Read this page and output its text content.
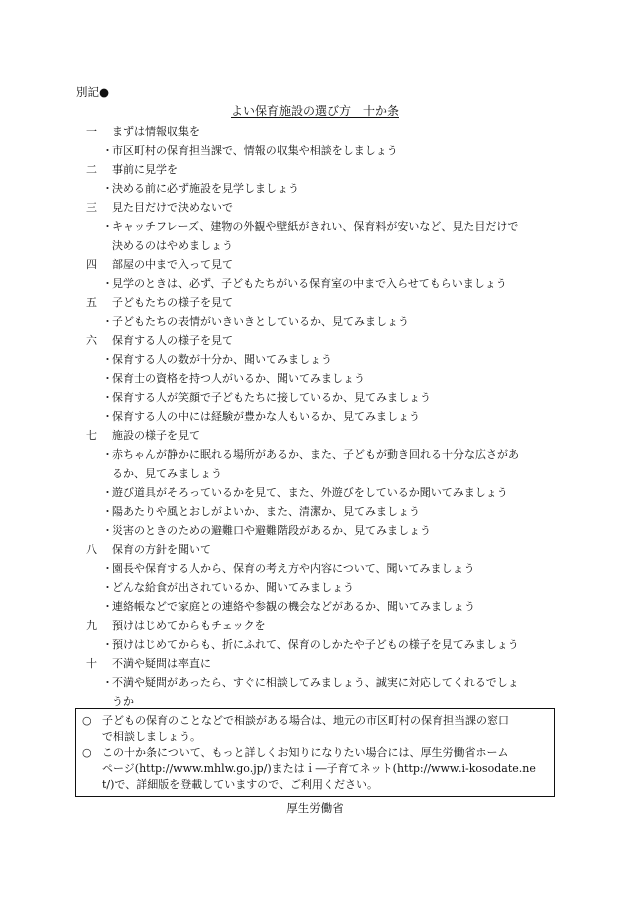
別記●
よい保育施設の選び方　十か条
一 まずは情報収集を
・ 市区町村の保育担当課で、情報の収集や相談をしましょう
二 事前に見学を
・ 決める前に必ず施設を見学しましょう
三 見た目だけで決めないで
・ キャッチフレーズ、建物の外観や壁紙がきれい、保育料が安いなど、見た目だけで
決めるのはやめましょう
四 部屋の中まで入って見て
・ 見学のときは、必ず、子どもたちがいる保育室の中まで入らせてもらいましょう
五 子どもたちの様子を見て
・ 子どもたちの表情がいきいきとしているか、見てみましょう
六 保育する人の様子を見て
・ 保育する人の数が十分か、聞いてみましょう
・ 保育士の資格を持つ人がいるか、聞いてみましょう
・ 保育する人が笑顔で子どもたちに接しているか、見てみましょう
・ 保育する人の中には経験が豊かな人もいるか、見てみましょう
七 施設の様子を見て
・ 赤ちゃんが静かに眠れる場所があるか、また、子どもが動き回れる十分な広さがあ
るか、見てみましょう
・ 遊び道具がそろっているかを見て、また、外遊びをしているか聞いてみましょう
・ 陽あたりや風とおしがよいか、また、清潔か、見てみましょう
・ 災害のときのための避難口や避難階段があるか、見てみましょう
八 保育の方針を聞いて
・ 園長や保育する人から、保育の考え方や内容について、聞いてみましょう
・ どんな給食が出されているか、聞いてみましょう
・ 連絡帳などで家庭との連絡や参観の機会などがあるか、聞いてみましょう
九 預けはじめてからもチェックを
・ 預けはじめてからも、折にふれて、保育のしかたや子どもの様子を見てみましょう
十 不満や疑問は率直に
・ 不満や疑問があったら、すぐに相談してみましょう、誠実に対応してくれるでしょ
うか
○ 子どもの保育のことなどで相談がある場合は、地元の市区町村の保育担当課の窓口
で相談しましょう。
○ この十か条について、もっと詳しくお知りになりたい場合には、厚生労働省ホーム
ページ(http://www.mhlw.go.jp/)またはｉ―子育てネット(http://www.i-kosodate.ne
t/)で、詳細版を登載していますので、ご利用ください。
厚生労働省
